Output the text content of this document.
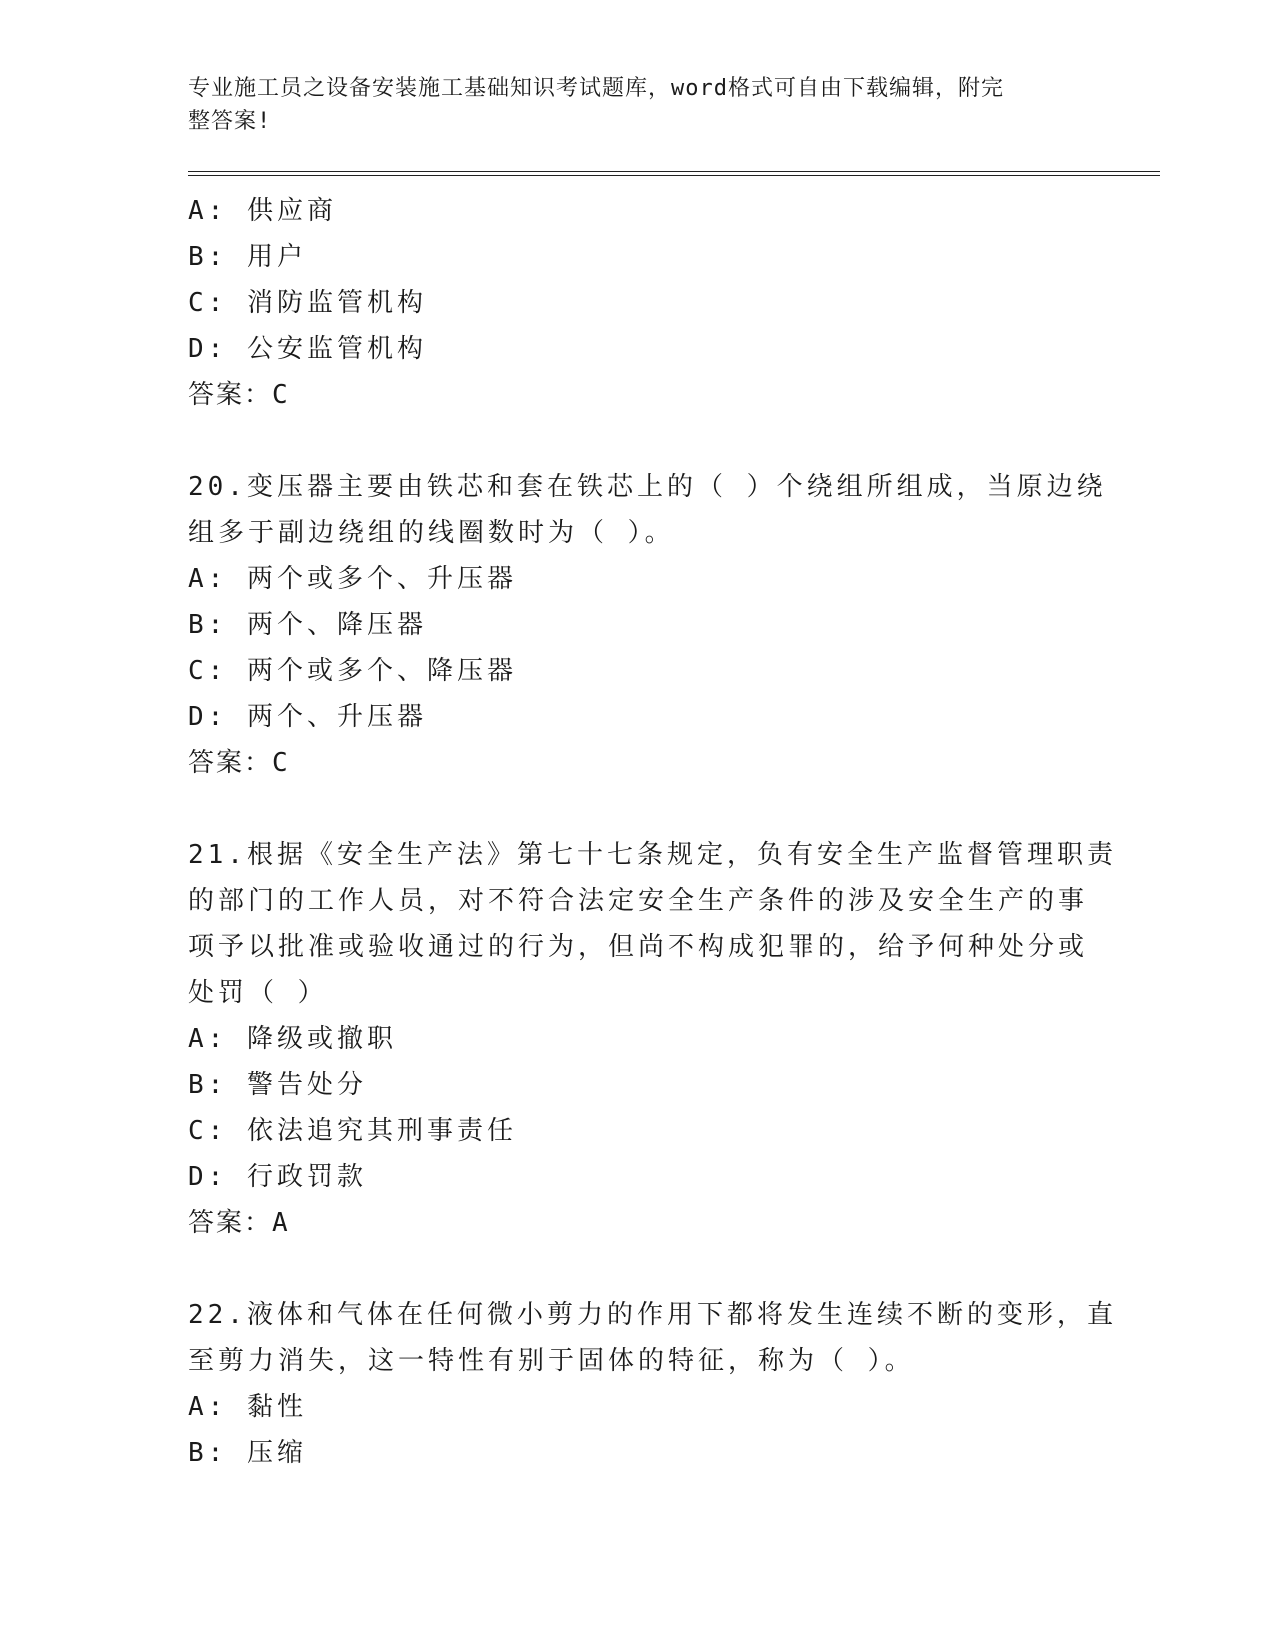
专业施工员之设备安装施工基础知识考试题库，word格式可自由下载编辑，附完
整答案!
A: 供应商
B: 用户
C: 消防监管机构
D: 公安监管机构
答案：C
20.变压器主要由铁芯和套在铁芯上的（ ）个绕组所组成，当原边绕
组多于副边绕组的线圈数时为（ ）。
A: 两个或多个、升压器
B: 两个、降压器
C: 两个或多个、降压器
D: 两个、升压器
答案：C
21.根据《安全生产法》第七十七条规定，负有安全生产监督管理职责
的部门的工作人员，对不符合法定安全生产条件的涉及安全生产的事
项予以批准或验收通过的行为，但尚不构成犯罪的，给予何种处分或
处罚（ ）
A: 降级或撤职
B: 警告处分
C: 依法追究其刑事责任
D: 行政罚款
答案：A
22.液体和气体在任何微小剪力的作用下都将发生连续不断的变形，直
至剪力消失，这一特性有别于固体的特征，称为（ ）。
A: 黏性
B: 压缩
